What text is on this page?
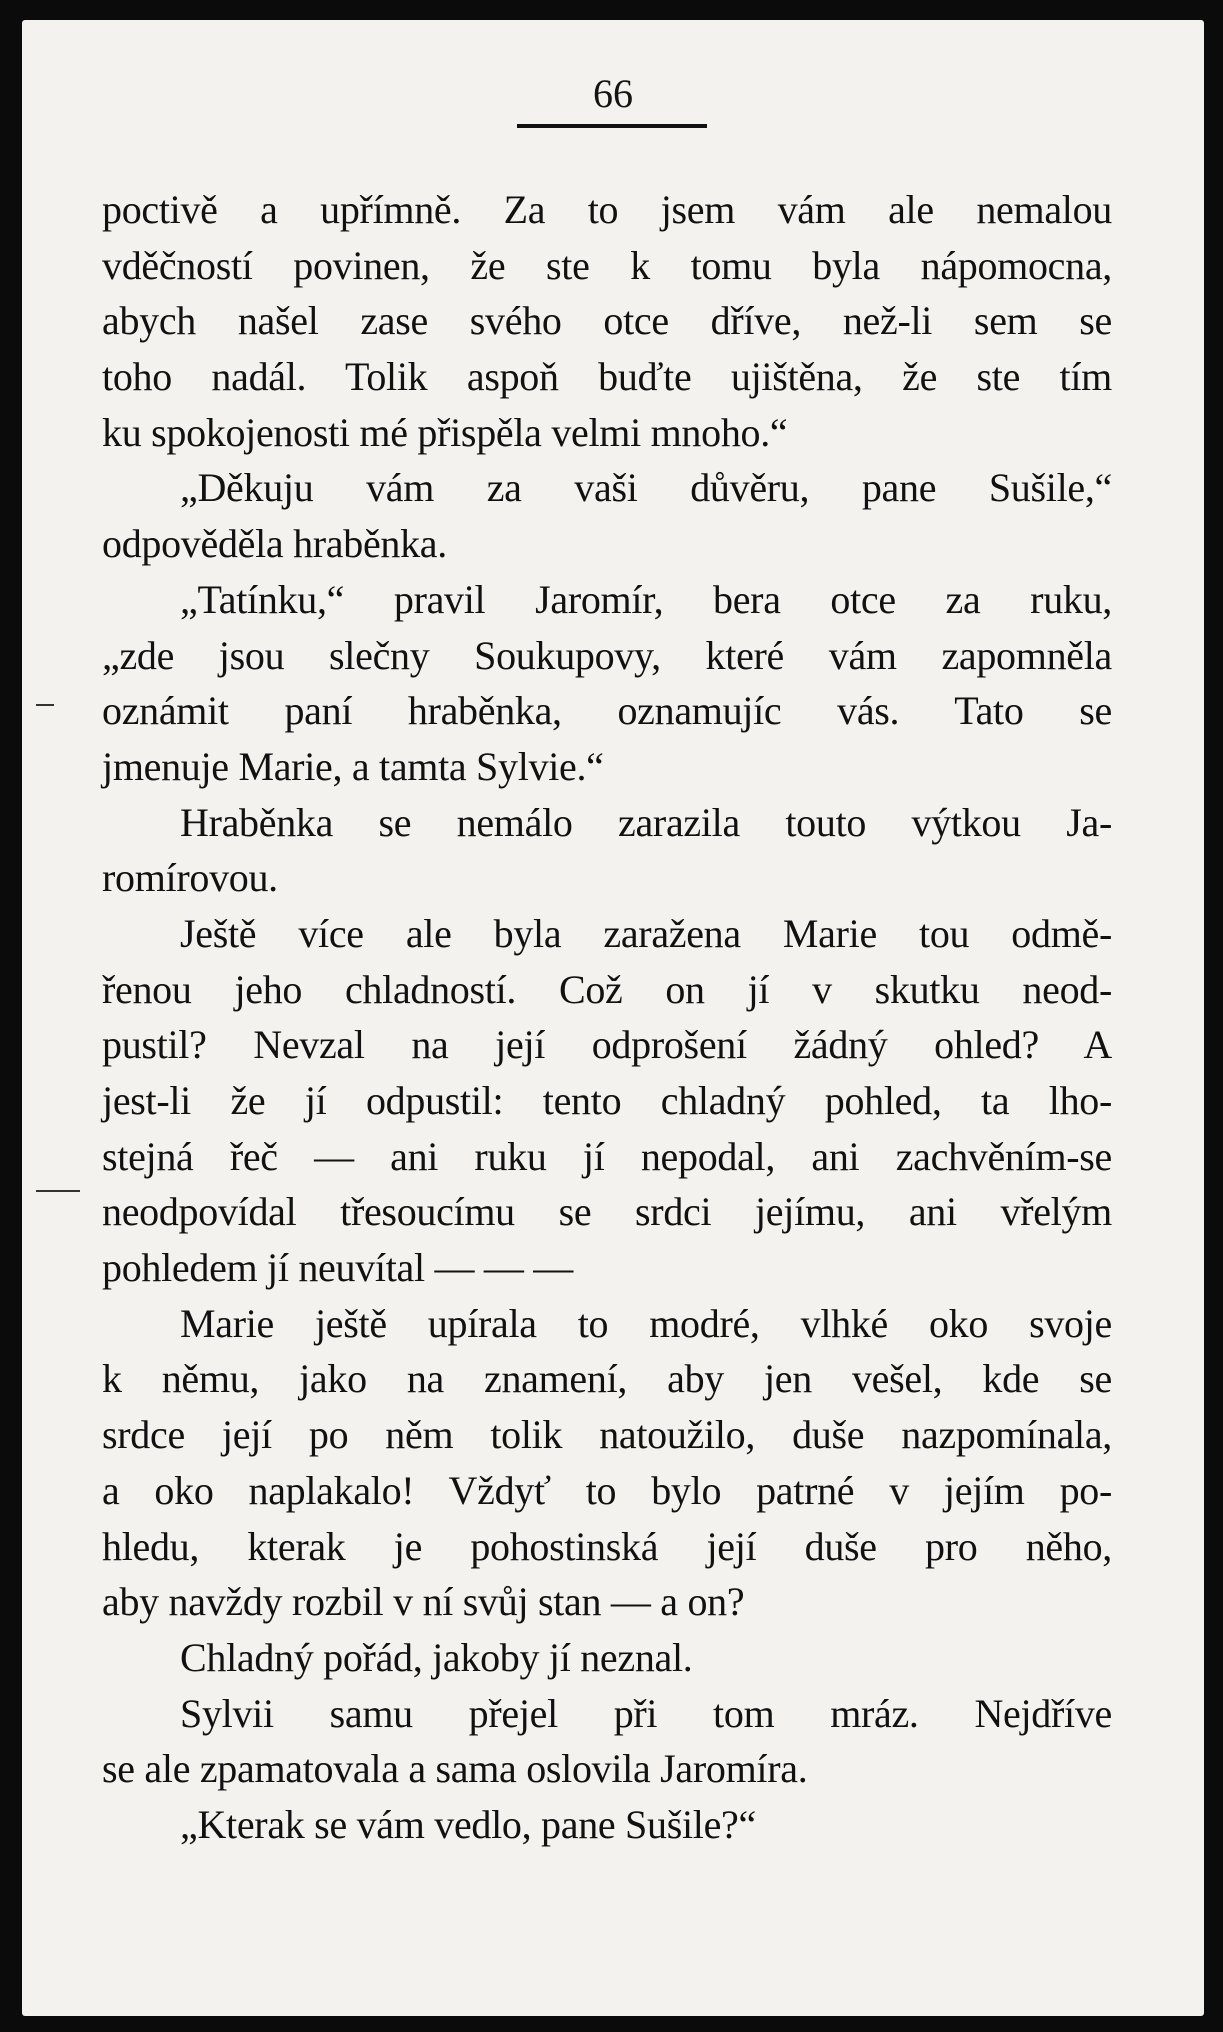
66
poctivě a upřímně. Za to jsem vám ale nemalou
vděčností povinen, že ste k tomu byla nápomocna,
abych našel zase svého otce dříve, než-li sem se
toho nadál. Tolik aspoň buďte ujištěna, že ste tím
ku spokojenosti mé přispěla velmi mnoho.“
„Děkuju vám za vaši důvěru, pane Sušile,“
odpověděla hraběnka.
„Tatínku,“ pravil Jaromír, bera otce za ruku,
„zde jsou slečny Soukupovy, které vám zapomněla
oznámit paní hraběnka, oznamujíc vás. Tato se
jmenuje Marie, a tamta Sylvie.“
Hraběnka se nemálo zarazila touto výtkou Ja-
romírovou.
Ještě více ale byla zaražena Marie tou odmě-
řenou jeho chladností. Což on jí v skutku neod-
pustil? Nevzal na její odprošení žádný ohled? A
jest-li že jí odpustil: tento chladný pohled, ta lho-
stejná řeč — ani ruku jí nepodal, ani zachvěním-se
neodpovídal třesoucímu se srdci jejímu, ani vřelým
pohledem jí neuvítal — — —
Marie ještě upírala to modré, vlhké oko svoje
k němu, jako na znamení, aby jen vešel, kde se
srdce její po něm tolik natoužilo, duše nazpomínala,
a oko naplakalo! Vždyť to bylo patrné v jejím po-
hledu, kterak je pohostinská její duše pro něho,
aby navždy rozbil v ní svůj stan — a on?
Chladný pořád, jakoby jí neznal.
Sylvii samu přejel při tom mráz. Nejdříve
se ale zpamatovala a sama oslovila Jaromíra.
„Kterak se vám vedlo, pane Sušile?“
